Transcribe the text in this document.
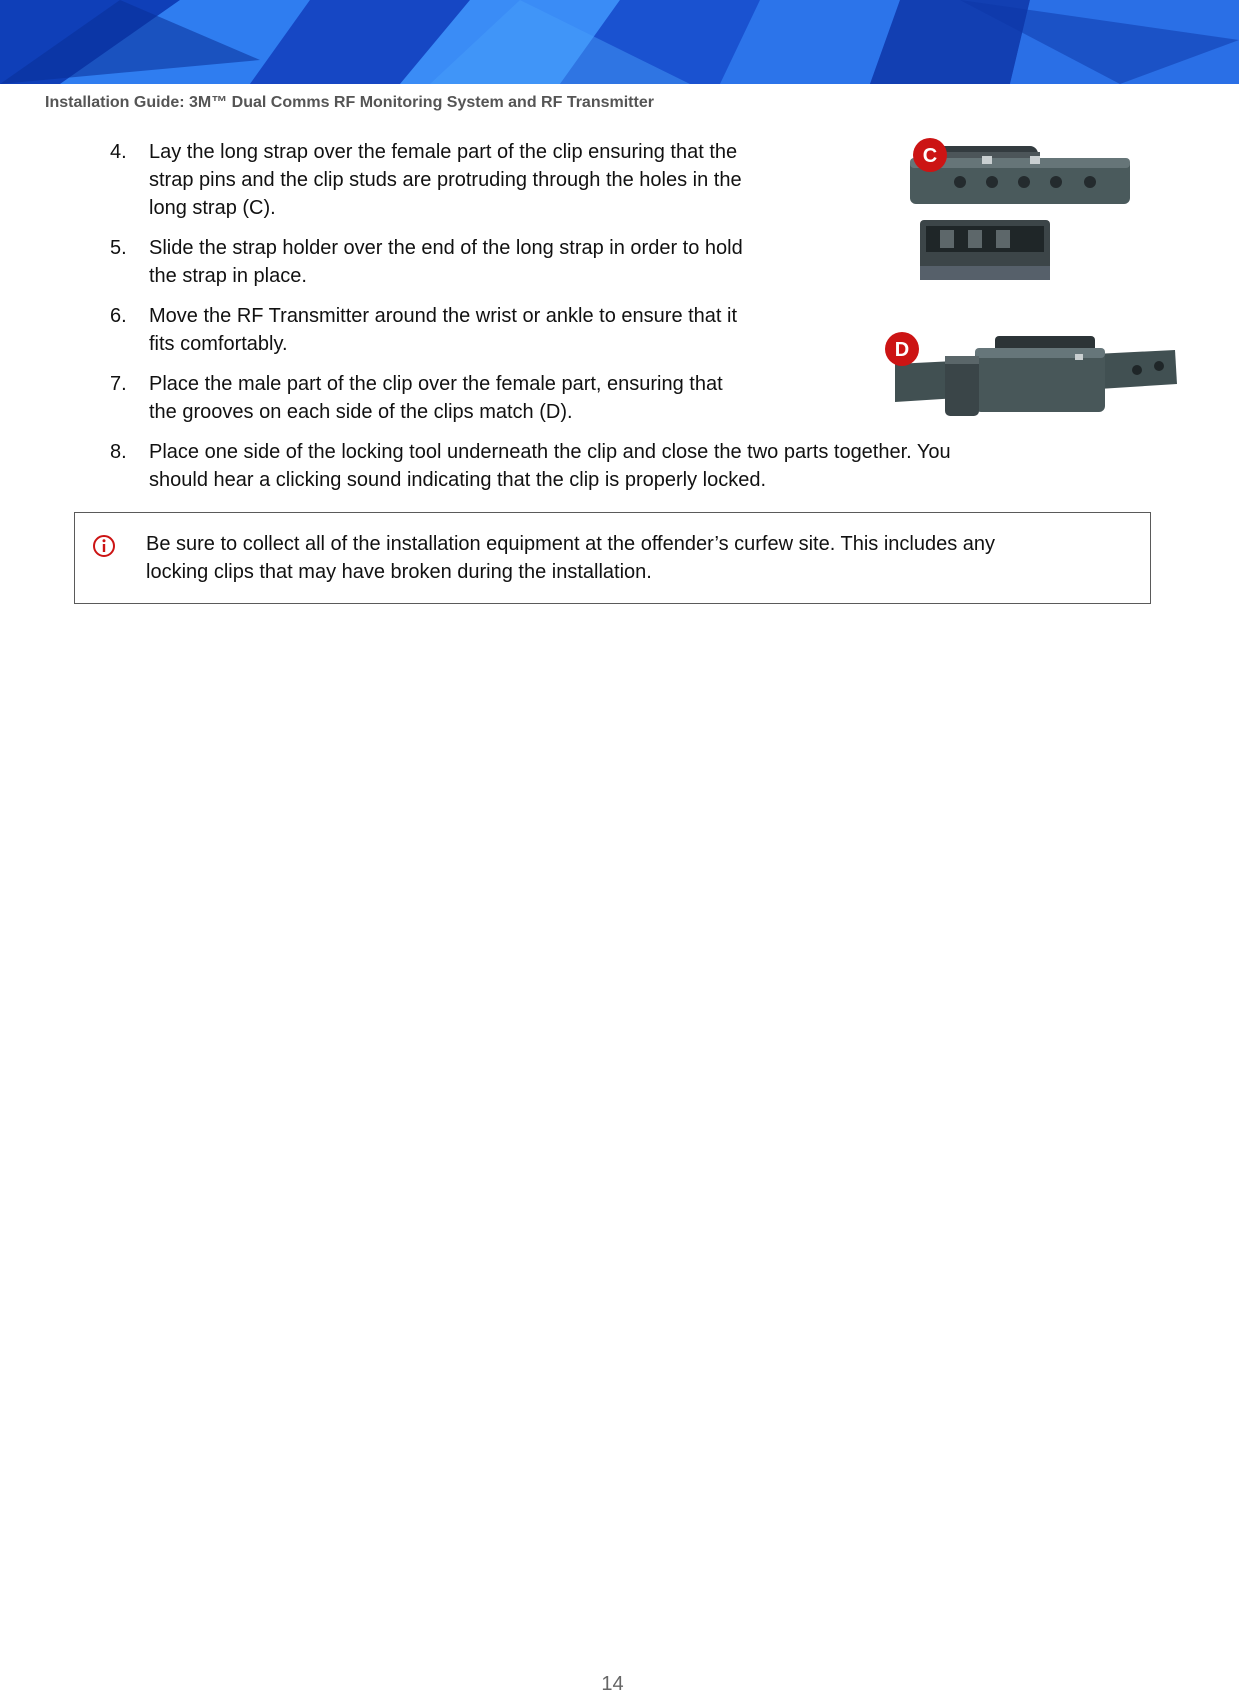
Installation Guide: 3M™ Dual Comms RF Monitoring System and RF Transmitter
4.	Lay the long strap over the female part of the clip ensuring that the
strap pins and the clip studs are protruding through the holes in the
long strap (C).
5.	Slide the strap holder over the end of the long strap in order to hold
the strap in place.
6.	Move the RF Transmitter around the wrist or ankle to ensure that it
fits comfortably.
7.	Place the male part of the clip over the female part, ensuring that
the grooves on each side of the clips match (D).
8.	Place one side of the locking tool underneath the clip and close the two parts together. You
should hear a clicking sound indicating that the clip is properly locked.
C
D
Be sure to collect all of the installation equipment at the offender’s curfew site. This includes any
locking clips that may have broken during the installation.
14
